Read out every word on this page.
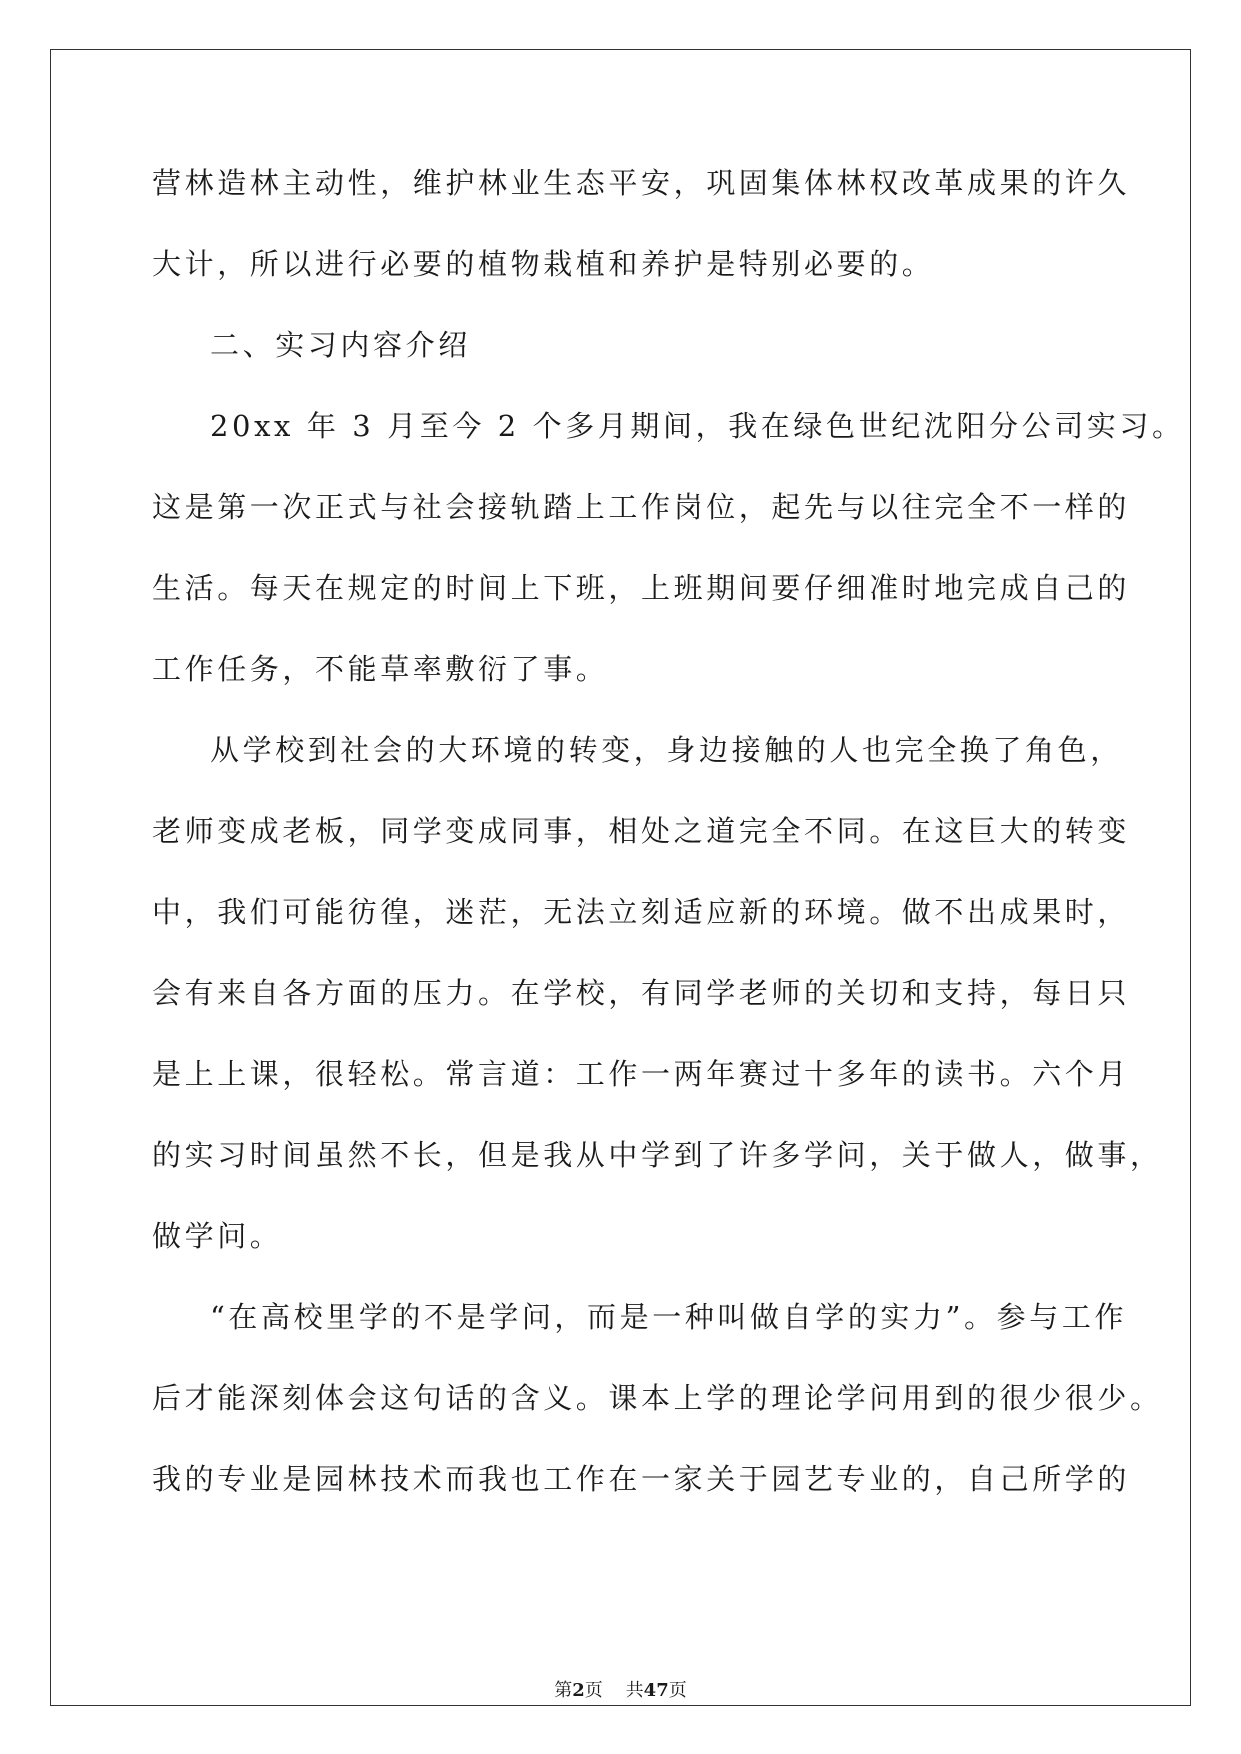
营林造林主动性，维护林业生态平安，巩固集体林权改革成果的许久
大计，所以进行必要的植物栽植和养护是特别必要的。
二、实习内容介绍
20xx 年 3 月至今 2 个多月期间，我在绿色世纪沈阳分公司实习。
这是第一次正式与社会接轨踏上工作岗位，起先与以往完全不一样的
生活。每天在规定的时间上下班，上班期间要仔细准时地完成自己的
工作任务，不能草率敷衍了事。
从学校到社会的大环境的转变，身边接触的人也完全换了角色，
老师变成老板，同学变成同事，相处之道完全不同。在这巨大的转变
中，我们可能彷徨，迷茫，无法立刻适应新的环境。做不出成果时，
会有来自各方面的压力。在学校，有同学老师的关切和支持，每日只
是上上课，很轻松。常言道：工作一两年赛过十多年的读书。六个月
的实习时间虽然不长，但是我从中学到了许多学问，关于做人，做事，
做学问。
“在高校里学的不是学问，而是一种叫做自学的实力”。参与工作
后才能深刻体会这句话的含义。课本上学的理论学问用到的很少很少。
我的专业是园林技术而我也工作在一家关于园艺专业的，自己所学的
第2页 共47页
